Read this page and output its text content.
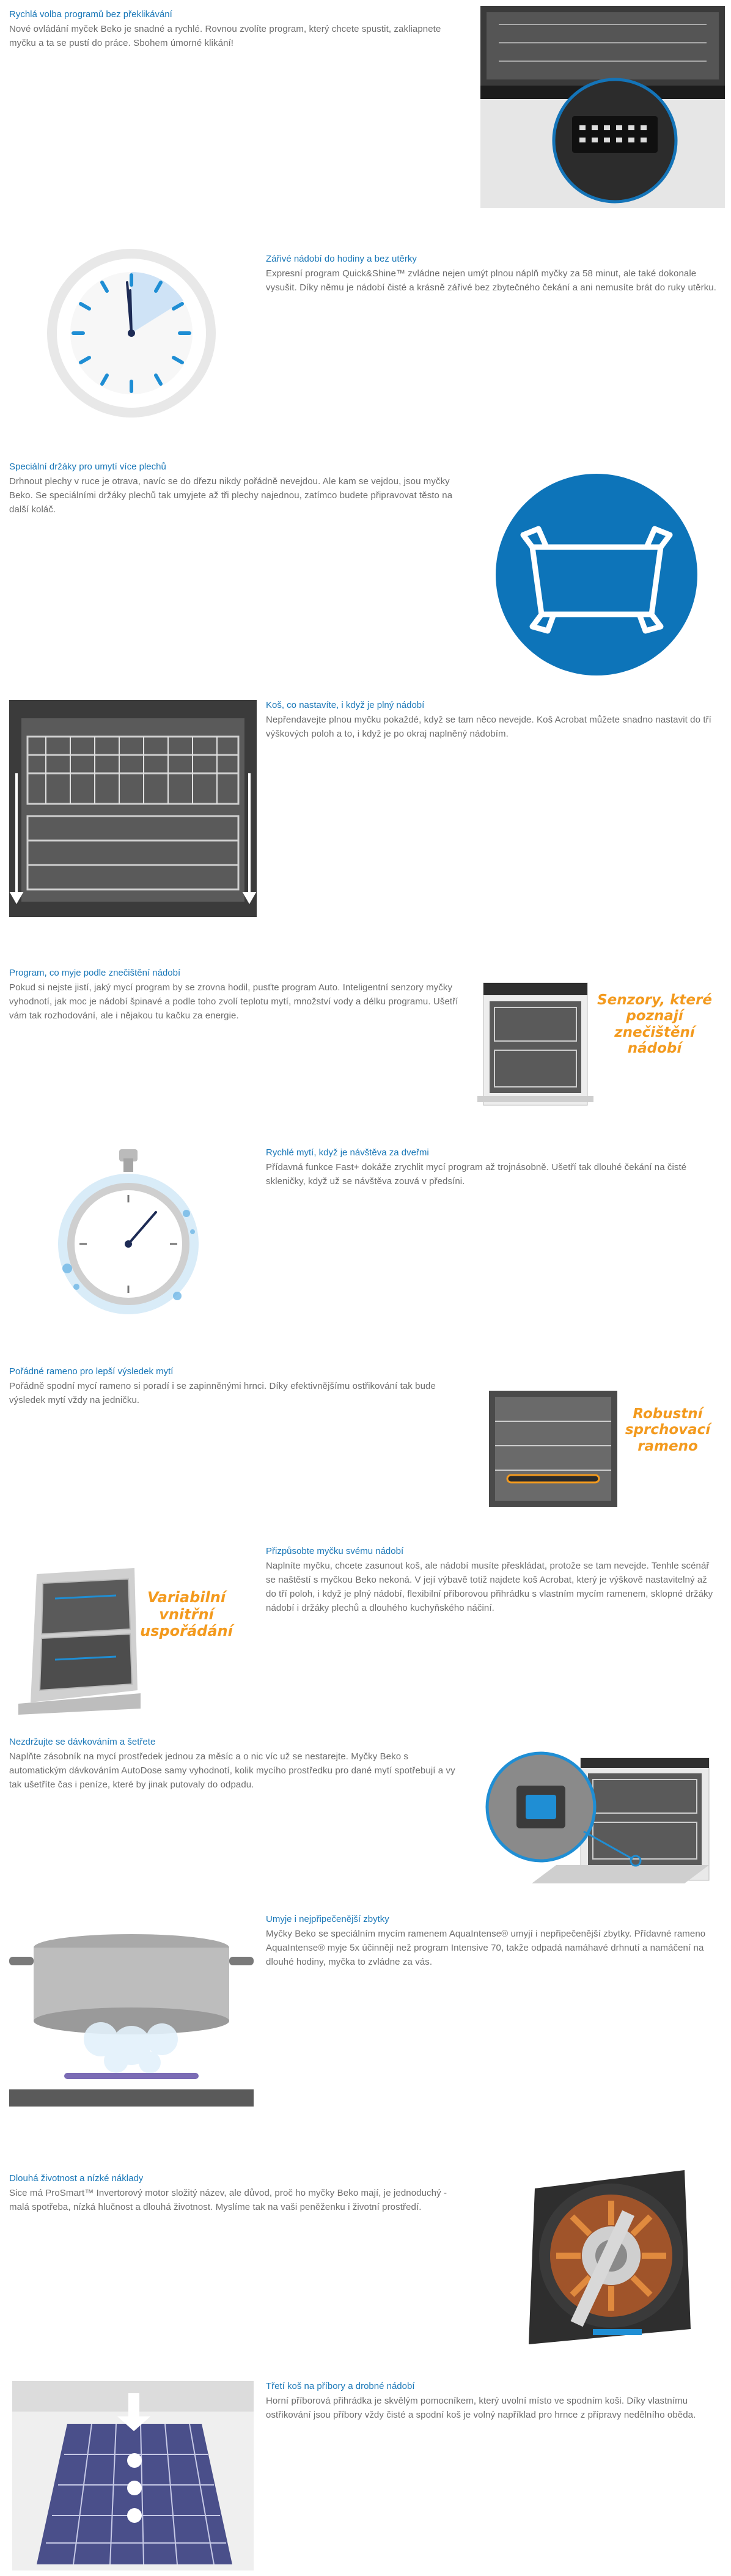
Rychlá volba programů bez překlikávání

Nové ovládání myček Beko je snadné a rychlé. Rovnou zvolíte program, který chcete spustit, zakliapnete myčku a ta se pustí do práce. Sbohem úmorné klikání!

Zářivé nádobí do hodiny a bez utěrky

Expresní program Quick&Shine™ zvládne nejen umýt plnou náplň myčky za 58 minut, ale také dokonale vysušit. Díky němu je nádobí čisté a krásně zářivé bez zbytečného čekání a ani nemusíte brát do ruky utěrku.

Speciální držáky pro umytí více plechů

Drhnout plechy v ruce je otrava, navíc se do dřezu nikdy pořádně nevejdou. Ale kam se vejdou, jsou myčky Beko. Se speciálními držáky plechů tak umyjete až tři plechy najednou, zatímco budete připravovat těsto na další koláč.

Koš, co nastavíte, i když je plný nádobí

Nepřendavejte plnou myčku pokaždé, když se tam něco nevejde. Koš Acrobat můžete snadno nastavit do tří výškových poloh a to, i když je po okraj naplněný nádobím.

Program, co myje podle znečištění nádobí

Pokud si nejste jistí, jaký mycí program by se zrovna hodil, pusťte program Auto. Inteligentní senzory myčky vyhodnotí, jak moc je nádobí špinavé a podle toho zvolí teplotu mytí, množství vody a délku programu. Ušetří vám tak rozhodování, ale i nějakou tu kačku za energie.

Senzory, které
poznají
znečištění
nádobí
Rychlé mytí, když je návštěva za dveřmi

Přídavná funkce Fast+ dokáže zrychlit mycí program až trojnásobně. Ušetří tak dlouhé čekání na čisté skleničky, když už se návštěva zouvá v předsíni.

Pořádné rameno pro lepší výsledek mytí

Pořádně spodní mycí rameno si poradí i se zapinněnými hrnci. Díky efektivnějšímu ostřikování tak bude výsledek mytí vždy na jedničku.

Robustní
sprchovací
rameno
Variabilní
vnitřní
uspořádání
Přizpůsobte myčku svému nádobí

Naplníte myčku, chcete zasunout koš, ale nádobí musíte přeskládat, protože se tam nevejde. Tenhle scénář se naštěstí s myčkou Beko nekoná. V její výbavě totiž najdete koš Acrobat, který je výškově nastavitelný až do tří poloh, i když je plný nádobí, flexibilní příborovou přihrádku s vlastním mycím ramenem, sklopné držáky nádobí i držáky plechů a dlouhého kuchyňského náčiní.

Nezdržujte se dávkováním a šetřete

Naplňte zásobník na mycí prostředek jednou za měsíc a o nic víc už se nestarejte. Myčky Beko s automatickým dávkováním AutoDose samy vyhodnotí, kolik mycího prostředku pro dané mytí spotřebují a vy tak ušetříte čas i peníze, které by jinak putovaly do odpadu.

Umyje i nejpřipečenější zbytky

Myčky Beko se speciálním mycím ramenem AquaIntense® umyjí i nepřipečenější zbytky. Přídavné rameno AquaIntense® myje 5x účinněji než program Intensive 70, takže odpadá namáhavé drhnutí a namáčení na dlouhé hodiny, myčka to zvládne za vás.

Dlouhá životnost a nízké náklady

Sice má ProSmart™ Invertorový motor složitý název, ale důvod, proč ho myčky Beko mají, je jednoduchý - malá spotřeba, nízká hlučnost a dlouhá životnost. Myslíme tak na vaši peněženku i životní prostředí.

Třetí koš na příbory a drobné nádobí

Horní příborová přihrádka je skvělým pomocníkem, který uvolní místo ve spodním koši. Díky vlastnímu ostřikování jsou příbory vždy čisté a spodní koš je volný například pro hrnce z přípravy nedělního oběda.
